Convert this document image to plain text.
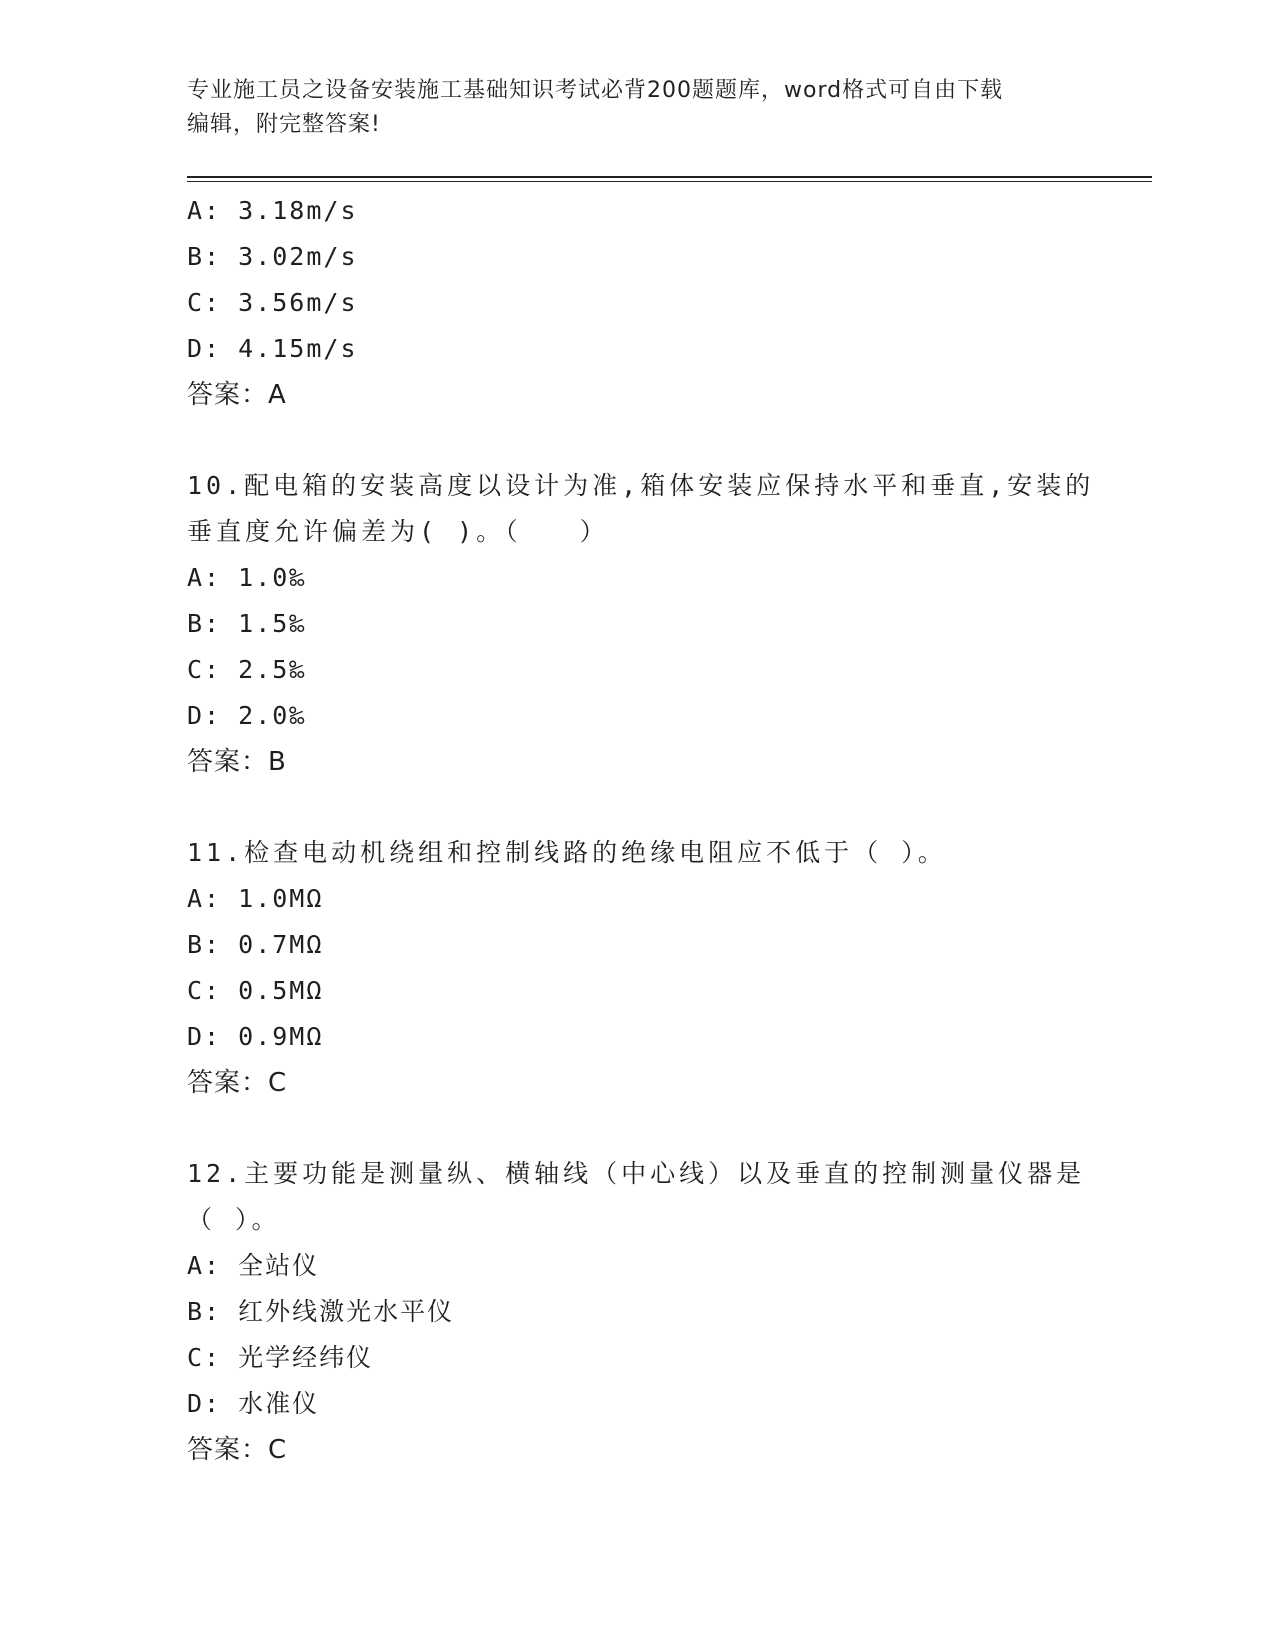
专业施工员之设备安装施工基础知识考试必背200题题库，word格式可自由下载
编辑，附完整答案!
A: 3.18m/s
B: 3.02m/s
C: 3.56m/s
D: 4.15m/s
答案：A
10.配电箱的安装高度以设计为准,箱体安装应保持水平和垂直,安装的
垂直度允许偏差为( )。（　　）
A: 1.0‰
B: 1.5‰
C: 2.5‰
D: 2.0‰
答案：B
11.检查电动机绕组和控制线路的绝缘电阻应不低于（ ）。
A: 1.0MΩ
B: 0.7MΩ
C: 0.5MΩ
D: 0.9MΩ
答案：C
12.主要功能是测量纵、横轴线（中心线）以及垂直的控制测量仪器是
（ ）。
A: 全站仪
B: 红外线激光水平仪
C: 光学经纬仪
D: 水准仪
答案：C
